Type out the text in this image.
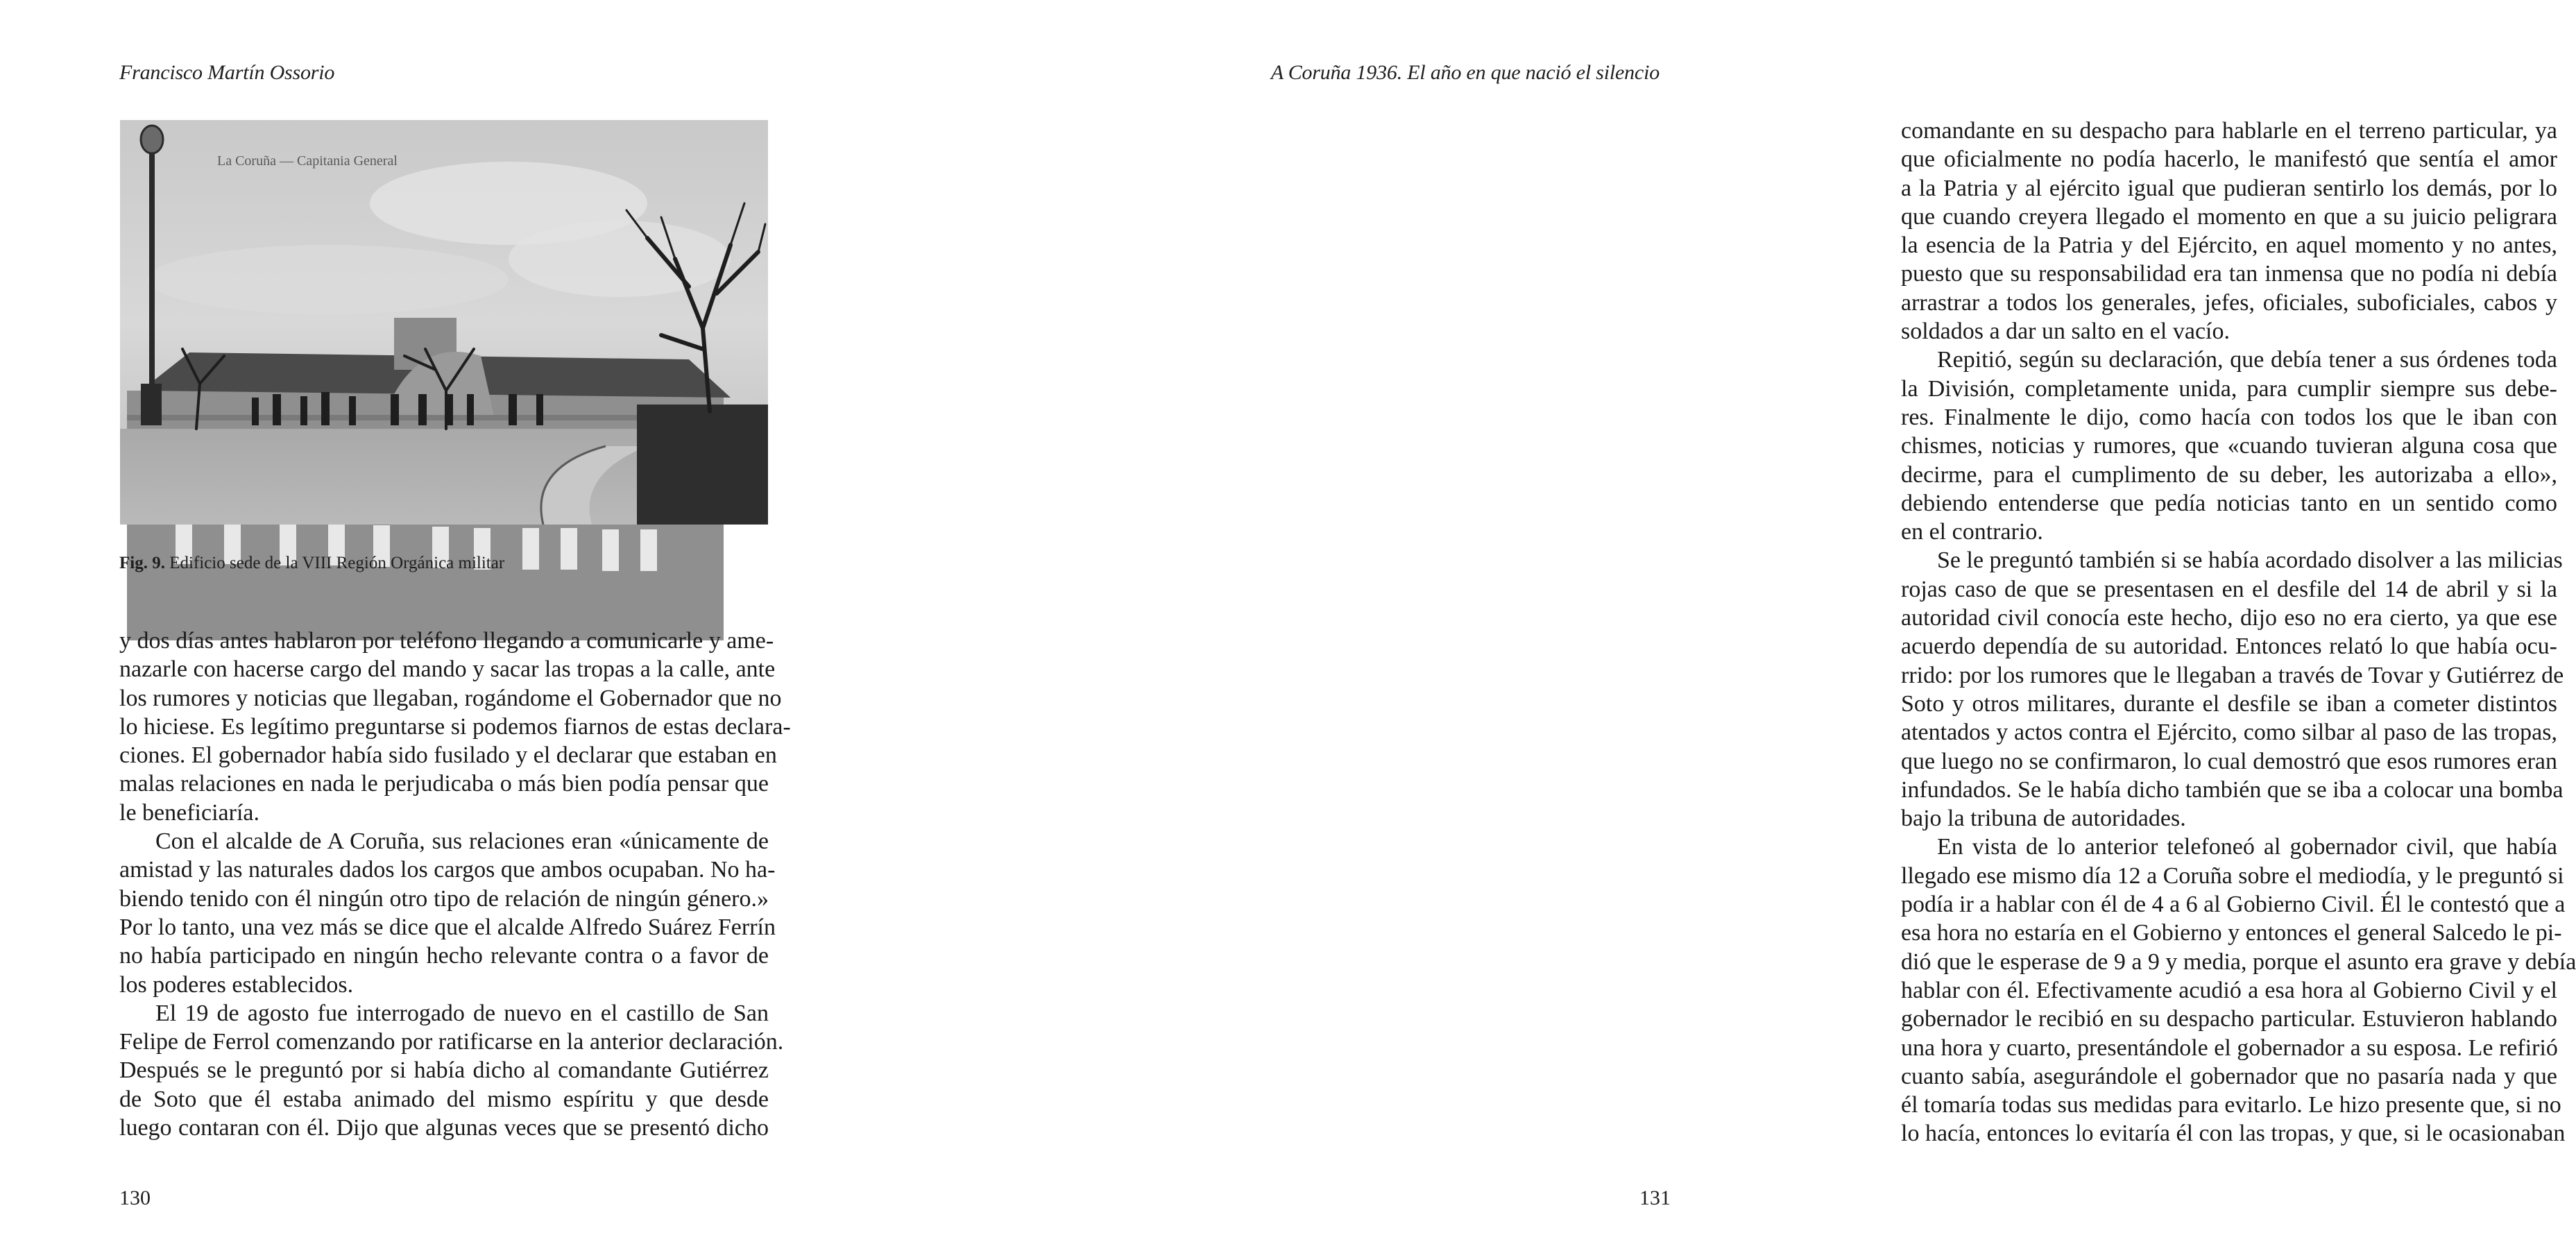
Francisco Martín Ossorio
La Coruña — Capitania General
Fig. 9. Edificio sede de la VIII Región Orgánica militar
y dos días antes hablaron por teléfono llegando a comunicarle y ame-
nazarle con hacerse cargo del mando y sacar las tropas a la calle, ante
los rumores y noticias que llegaban, rogándome el Gobernador que no
lo hiciese. Es legítimo preguntarse si podemos fiarnos de estas declara-
ciones. El gobernador había sido fusilado y el declarar que estaban en
malas relaciones en nada le perjudicaba o más bien podía pensar que
le beneficiaría.
Con el alcalde de A Coruña, sus relaciones eran «únicamente de
amistad y las naturales dados los cargos que ambos ocupaban. No ha-
biendo tenido con él ningún otro tipo de relación de ningún género.»
Por lo tanto, una vez más se dice que el alcalde Alfredo Suárez Ferrín
no había participado en ningún hecho relevante contra o a favor de
los poderes establecidos.
El 19 de agosto fue interrogado de nuevo en el castillo de San
Felipe de Ferrol comenzando por ratificarse en la anterior declaración.
Después se le preguntó por si había dicho al comandante Gutiérrez
de Soto que él estaba animado del mismo espíritu y que desde
luego contaran con él. Dijo que algunas veces que se presentó dicho
130
A Coruña 1936. El año en que nació el silencio
comandante en su despacho para hablarle en el terreno particular, ya
que oficialmente no podía hacerlo, le manifestó que sentía el amor
a la Patria y al ejército igual que pudieran sentirlo los demás, por lo
que cuando creyera llegado el momento en que a su juicio peligrara
la esencia de la Patria y del Ejército, en aquel momento y no antes,
puesto que su responsabilidad era tan inmensa que no podía ni debía
arrastrar a todos los generales, jefes, oficiales, suboficiales, cabos y
soldados a dar un salto en el vacío.
Repitió, según su declaración, que debía tener a sus órdenes toda
la División, completamente unida, para cumplir siempre sus debe-
res. Finalmente le dijo, como hacía con todos los que le iban con
chismes, noticias y rumores, que «cuando tuvieran alguna cosa que
decirme, para el cumplimento de su deber, les autorizaba a ello»,
debiendo entenderse que pedía noticias tanto en un sentido como
en el contrario.
Se le preguntó también si se había acordado disolver a las milicias
rojas caso de que se presentasen en el desfile del 14 de abril y si la
autoridad civil conocía este hecho, dijo eso no era cierto, ya que ese
acuerdo dependía de su autoridad. Entonces relató lo que había ocu-
rrido: por los rumores que le llegaban a través de Tovar y Gutiérrez de
Soto y otros militares, durante el desfile se iban a cometer distintos
atentados y actos contra el Ejército, como silbar al paso de las tropas,
que luego no se confirmaron, lo cual demostró que esos rumores eran
infundados. Se le había dicho también que se iba a colocar una bomba
bajo la tribuna de autoridades.
En vista de lo anterior telefoneó al gobernador civil, que había
llegado ese mismo día 12 a Coruña sobre el mediodía, y le preguntó si
podía ir a hablar con él de 4 a 6 al Gobierno Civil. Él le contestó que a
esa hora no estaría en el Gobierno y entonces el general Salcedo le pi-
dió que le esperase de 9 a 9 y media, porque el asunto era grave y debía
hablar con él. Efectivamente acudió a esa hora al Gobierno Civil y el
gobernador le recibió en su despacho particular. Estuvieron hablando
una hora y cuarto, presentándole el gobernador a su esposa. Le refirió
cuanto sabía, asegurándole el gobernador que no pasaría nada y que
él tomaría todas sus medidas para evitarlo. Le hizo presente que, si no
lo hacía, entonces lo evitaría él con las tropas, y que, si le ocasionaban
131
